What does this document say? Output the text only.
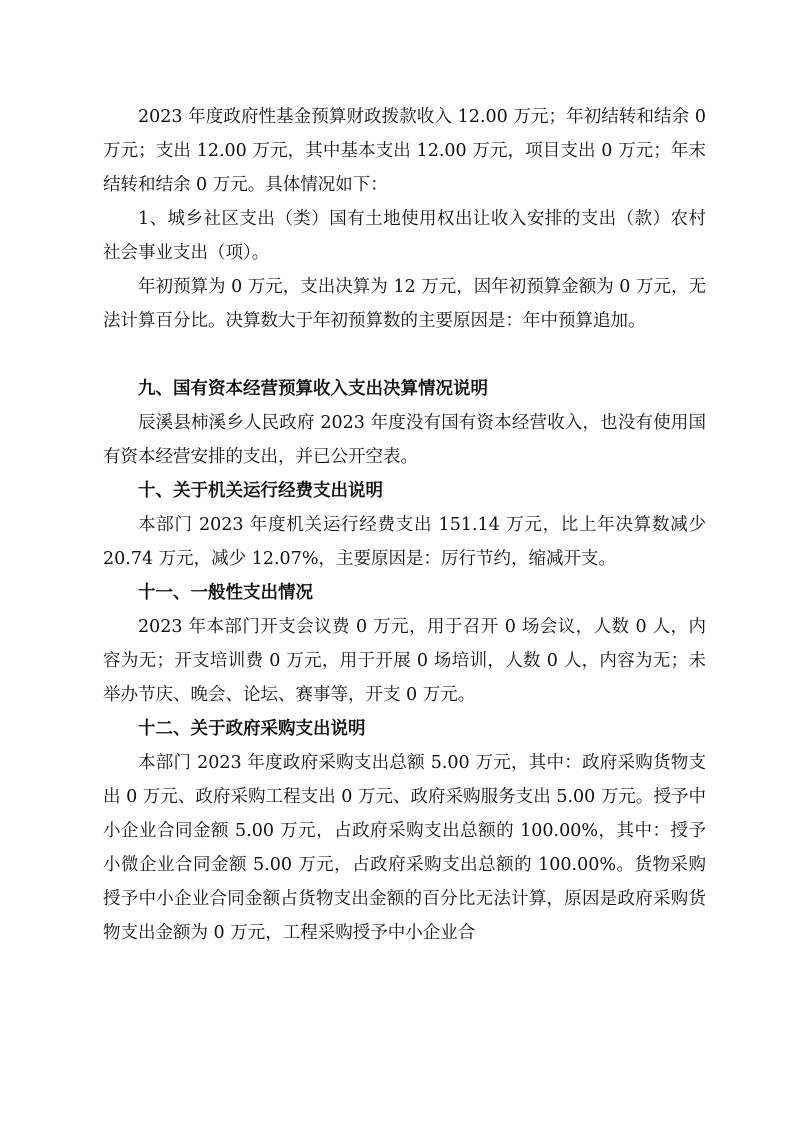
2023 年度政府性基金预算财政拨款收入 12.00 万元；年初结转和结余 0 万元；支出 12.00 万元，其中基本支出 12.00 万元，项目支出 0 万元；年末结转和结余 0 万元。具体情况如下：

1、城乡社区支出（类）国有土地使用权出让收入安排的支出（款）农村社会事业支出（项）。

年初预算为 0 万元，支出决算为 12 万元，因年初预算金额为 0 万元，无法计算百分比。决算数大于年初预算数的主要原因是：年中预算追加。

九、国有资本经营预算收入支出决算情况说明

辰溪县柿溪乡人民政府 2023 年度没有国有资本经营收入，也没有使用国有资本经营安排的支出，并已公开空表。

十、关于机关运行经费支出说明

本部门 2023 年度机关运行经费支出 151.14 万元，比上年决算数减少 20.74 万元，减少 12.07%，主要原因是：厉行节约，缩减开支。

十一、一般性支出情况

2023 年本部门开支会议费 0 万元，用于召开 0 场会议，人数 0 人，内容为无；开支培训费 0 万元，用于开展 0 场培训，人数 0 人，内容为无；未举办节庆、晚会、论坛、赛事等，开支 0 万元。

十二、关于政府采购支出说明

本部门 2023 年度政府采购支出总额 5.00 万元，其中：政府采购货物支出 0 万元、政府采购工程支出 0 万元、政府采购服务支出 5.00 万元。授予中小企业合同金额 5.00 万元，占政府采购支出总额的 100.00%，其中：授予小微企业合同金额 5.00 万元，占政府采购支出总额的 100.00%。货物采购授予中小企业合同金额占货物支出金额的百分比无法计算，原因是政府采购货物支出金额为 0 万元，工程采购授予中小企业合
